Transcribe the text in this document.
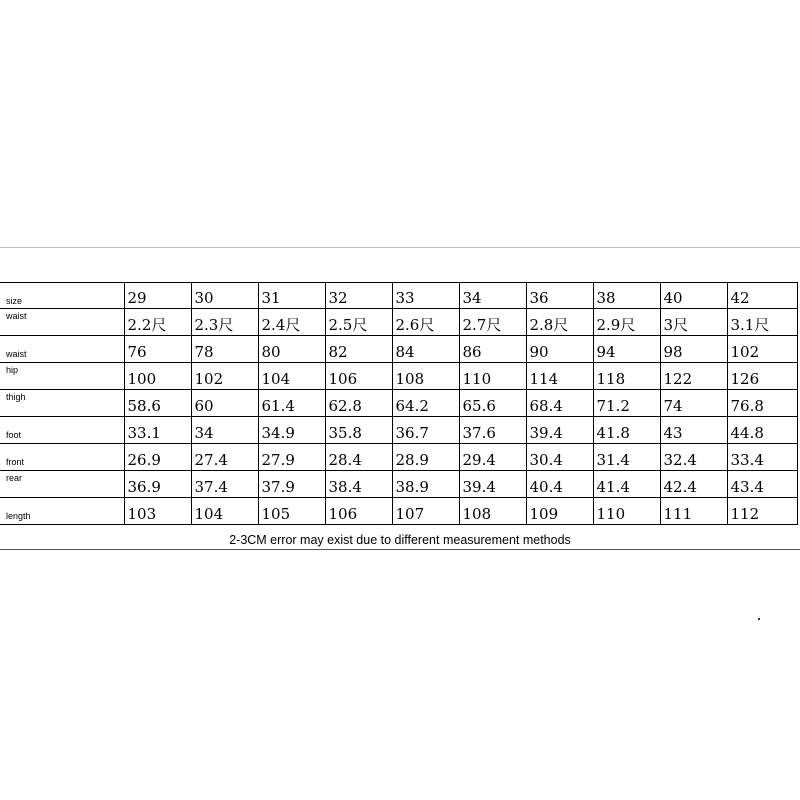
size	29	30	31	32	33	34	36	38	40	42

waist	2.2尺	2.3尺	2.4尺	2.5尺	2.6尺	2.7尺	2.8尺	2.9尺	3尺	3.1尺

waist	76	78	80	82	84	86	90	94	98	102

hip	100	102	104	106	108	110	114	118	122	126

thigh	58.6	60	61.4	62.8	64.2	65.6	68.4	71.2	74	76.8

foot	33.1	34	34.9	35.8	36.7	37.6	39.4	41.8	43	44.8

front	26.9	27.4	27.9	28.4	28.9	29.4	30.4	31.4	32.4	33.4

rear	36.9	37.4	37.9	38.4	38.9	39.4	40.4	41.4	42.4	43.4

length	103	104	105	106	107	108	109	110	111	112
2-3CM error may exist due to different measurement methods
